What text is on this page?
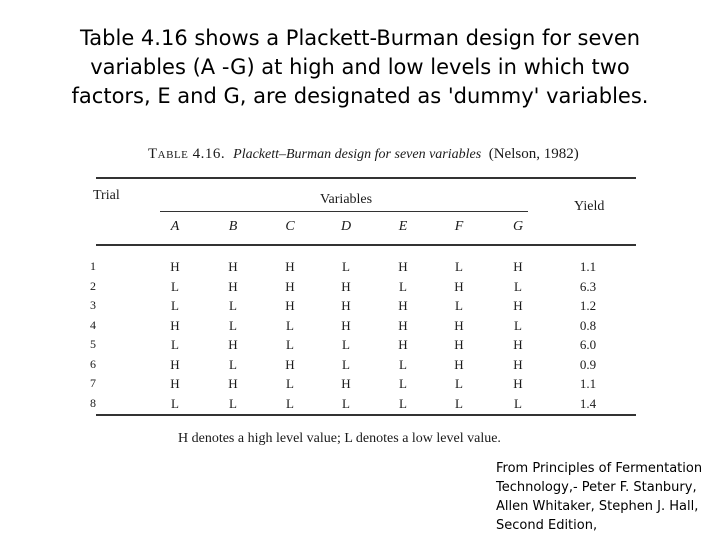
Table 4.16 shows a Plackett-Burman design for seven
variables (A -G) at high and low levels in which two
factors, E and G, are designated as 'dummy' variables.
Table 4.16. Plackett–Burman design for seven variables (Nelson, 1982)
Trial	Variables	Yield
A	B	C	D	E	F	G
1	H	H	H	L	H	L	H	1.1
2	L	H	H	H	L	H	L	6.3
3	L	L	H	H	H	L	H	1.2
4	H	L	L	H	H	H	L	0.8
5	L	H	L	L	H	H	H	6.0
6	H	L	H	L	L	H	H	0.9
7	H	H	L	H	L	L	H	1.1
8	L	L	L	L	L	L	L	1.4
H denotes a high level value; L denotes a low level value.
From Principles of Fermentation
Technology,- Peter F. Stanbury,
Allen Whitaker, Stephen J. Hall,
Second Edition,
